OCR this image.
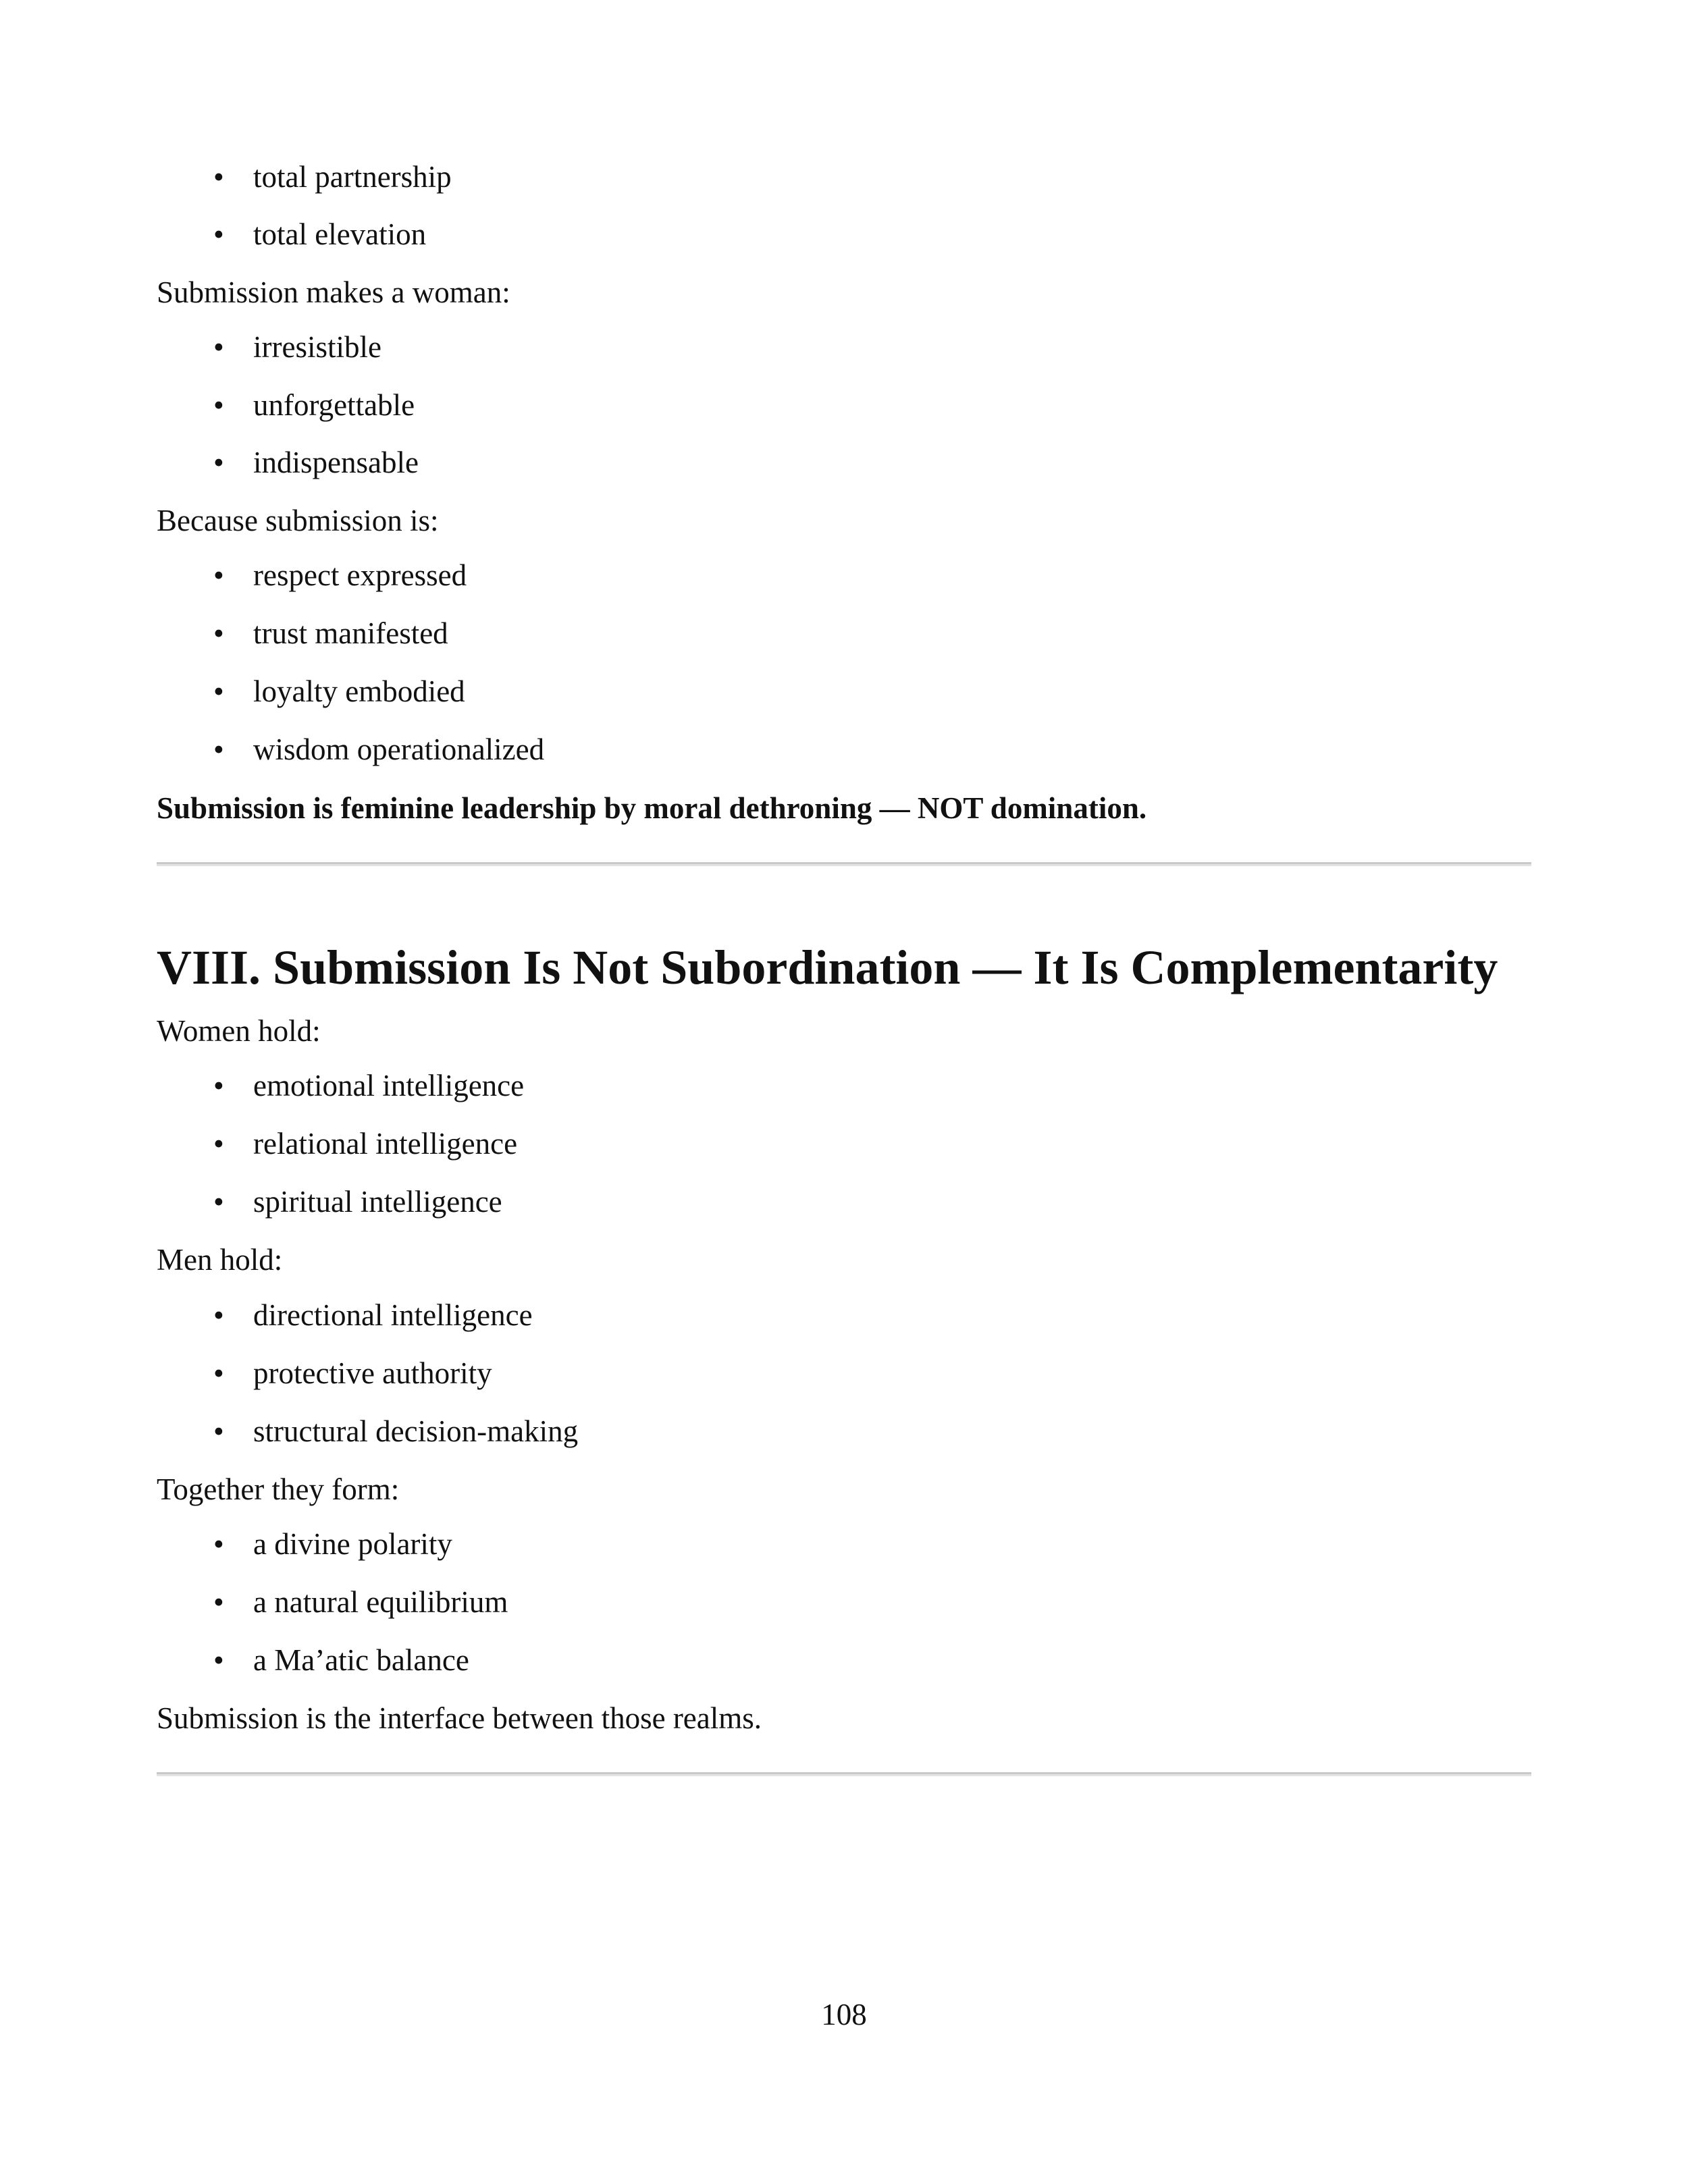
• total partnership
• total elevation
Submission makes a woman:
• irresistible
• unforgettable
• indispensable
Because submission is:
• respect expressed
• trust manifested
• loyalty embodied
• wisdom operationalized
Submission is feminine leadership by moral dethroning — NOT domination.
VIII. Submission Is Not Subordination — It Is Complementarity
Women hold:
• emotional intelligence
• relational intelligence
• spiritual intelligence
Men hold:
• directional intelligence
• protective authority
• structural decision-making
Together they form:
• a divine polarity
• a natural equilibrium
• a Ma’atic balance
Submission is the interface between those realms.
108
